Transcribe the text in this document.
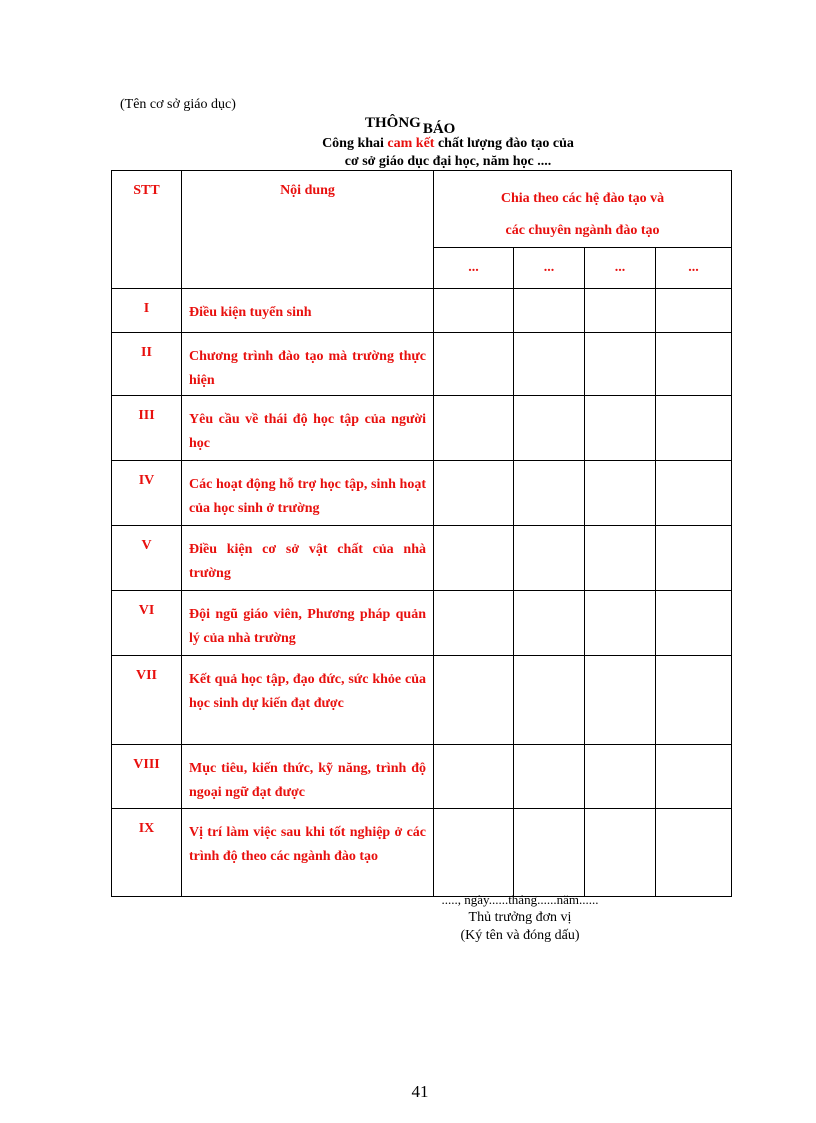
(Tên cơ sở giáo dục)
THÔNG BÁO
Công khai cam kết chất lượng đào tạo của
cơ sở giáo dục đại học, năm học ....
STT	Nội dung	Chia theo các hệ đào tạo và
các chuyên ngành đào tạo			

		...	...	...	...
I	Điều kiện tuyển sinh				
II	Chương trình đào tạo mà trường thực hiện				
III	Yêu cầu về thái độ học tập của người học				
IV	Các hoạt động hỗ trợ học tập, sinh hoạt của học sinh ở trường				
V	Điều kiện cơ sở vật chất của nhà trường				
VI	Đội ngũ giáo viên, Phương pháp quản lý của nhà trường				
VII	Kết quả học tập, đạo đức, sức khỏe của học sinh dự kiến đạt được				
VIII	Mục tiêu, kiến thức, kỹ năng, trình độ ngoại ngữ đạt được				
IX	Vị trí làm việc sau khi tốt nghiệp ở các trình độ theo các ngành đào tạo				
....., ngày......tháng......năm......
Thủ trưởng đơn vị
(Ký tên và đóng dấu)
41
